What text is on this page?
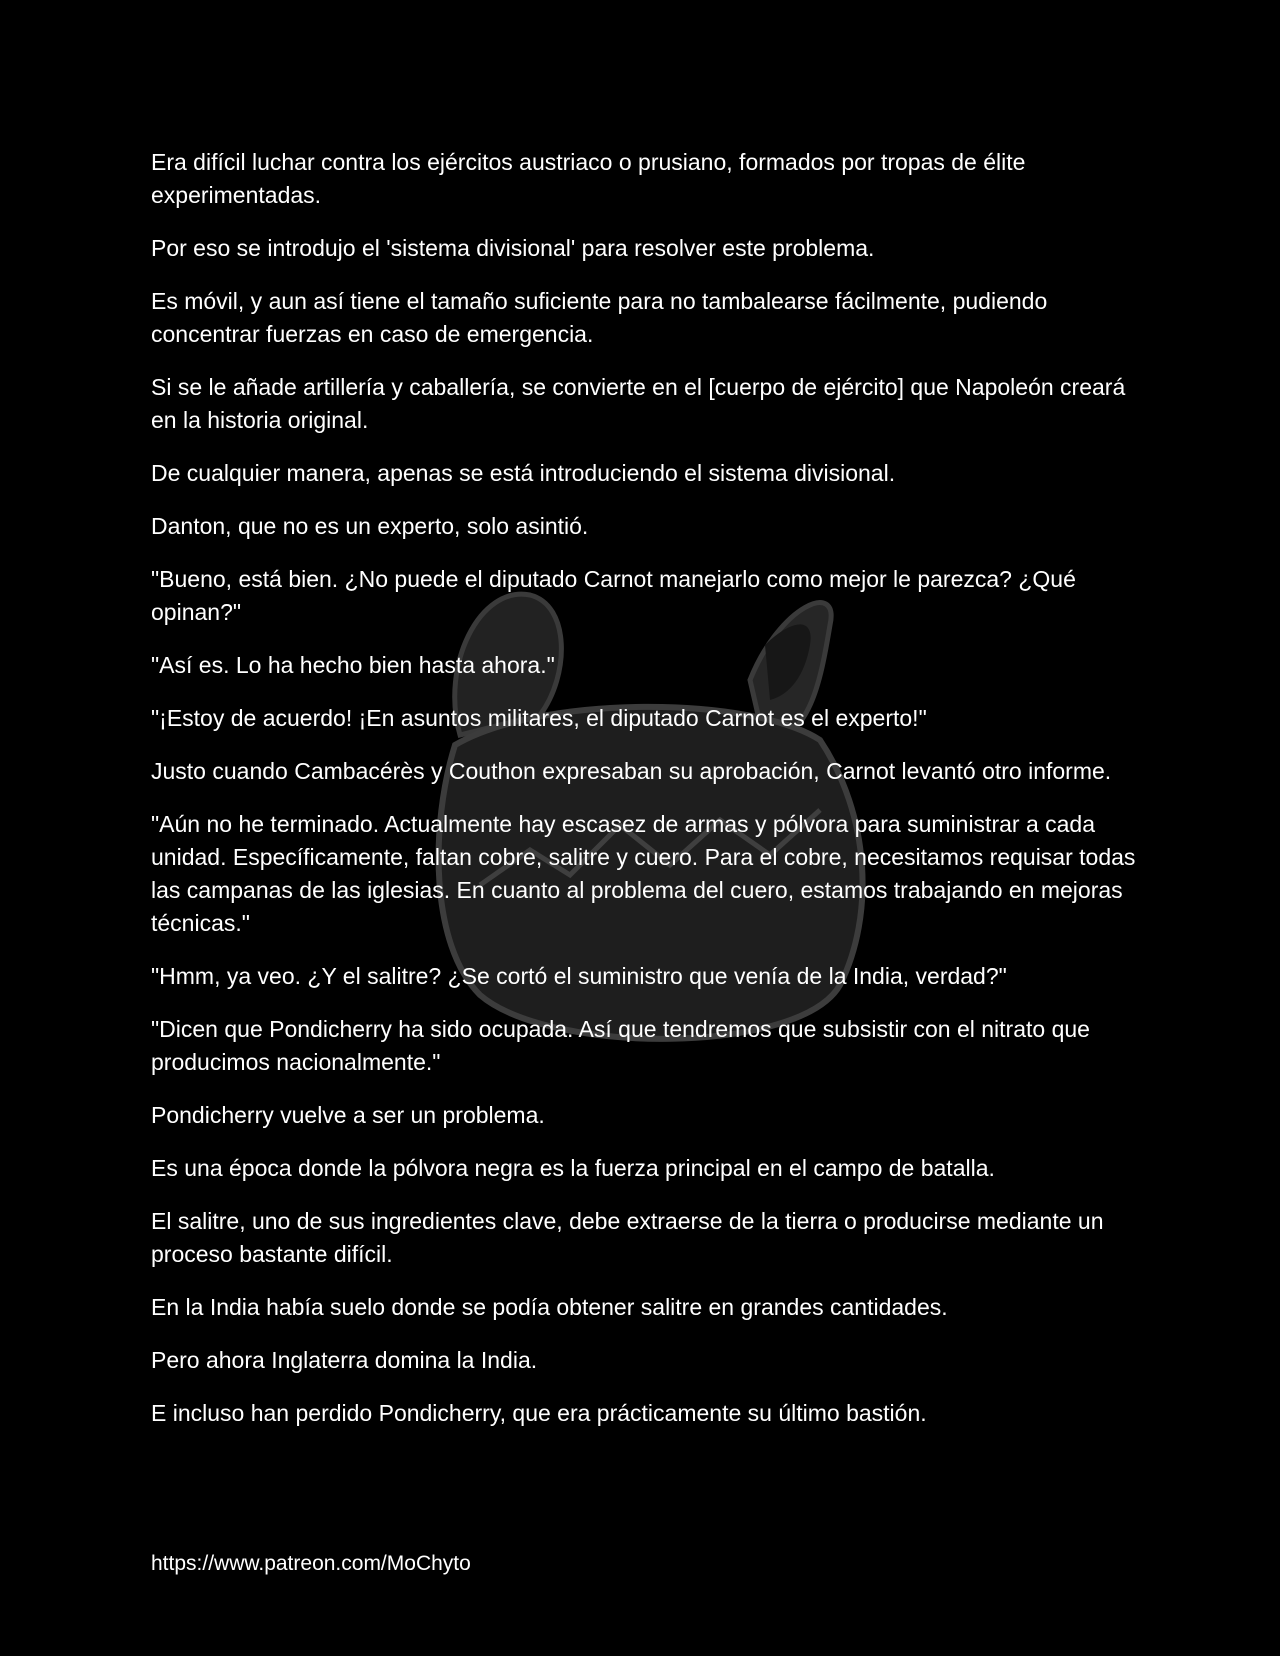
Era difícil luchar contra los ejércitos austriaco o prusiano, formados por tropas de élite experimentadas.

Por eso se introdujo el 'sistema divisional' para resolver este problema.

Es móvil, y aun así tiene el tamaño suficiente para no tambalearse fácilmente, pudiendo concentrar fuerzas en caso de emergencia.

Si se le añade artillería y caballería, se convierte en el [cuerpo de ejército] que Napoleón creará en la historia original.

De cualquier manera, apenas se está introduciendo el sistema divisional.

Danton, que no es un experto, solo asintió.

"Bueno, está bien. ¿No puede el diputado Carnot manejarlo como mejor le parezca? ¿Qué opinan?"

"Así es. Lo ha hecho bien hasta ahora."

"¡Estoy de acuerdo! ¡En asuntos militares, el diputado Carnot es el experto!"

Justo cuando Cambacérès y Couthon expresaban su aprobación, Carnot levantó otro informe.

"Aún no he terminado. Actualmente hay escasez de armas y pólvora para suministrar a cada unidad. Específicamente, faltan cobre, salitre y cuero. Para el cobre, necesitamos requisar todas las campanas de las iglesias. En cuanto al problema del cuero, estamos trabajando en mejoras técnicas."

"Hmm, ya veo. ¿Y el salitre? ¿Se cortó el suministro que venía de la India, verdad?"

"Dicen que Pondicherry ha sido ocupada. Así que tendremos que subsistir con el nitrato que producimos nacionalmente."

Pondicherry vuelve a ser un problema.

Es una época donde la pólvora negra es la fuerza principal en el campo de batalla.

El salitre, uno de sus ingredientes clave, debe extraerse de la tierra o producirse mediante un proceso bastante difícil.

En la India había suelo donde se podía obtener salitre en grandes cantidades.

Pero ahora Inglaterra domina la India.

E incluso han perdido Pondicherry, que era prácticamente su último bastión.

https://www.patreon.com/MoChyto
